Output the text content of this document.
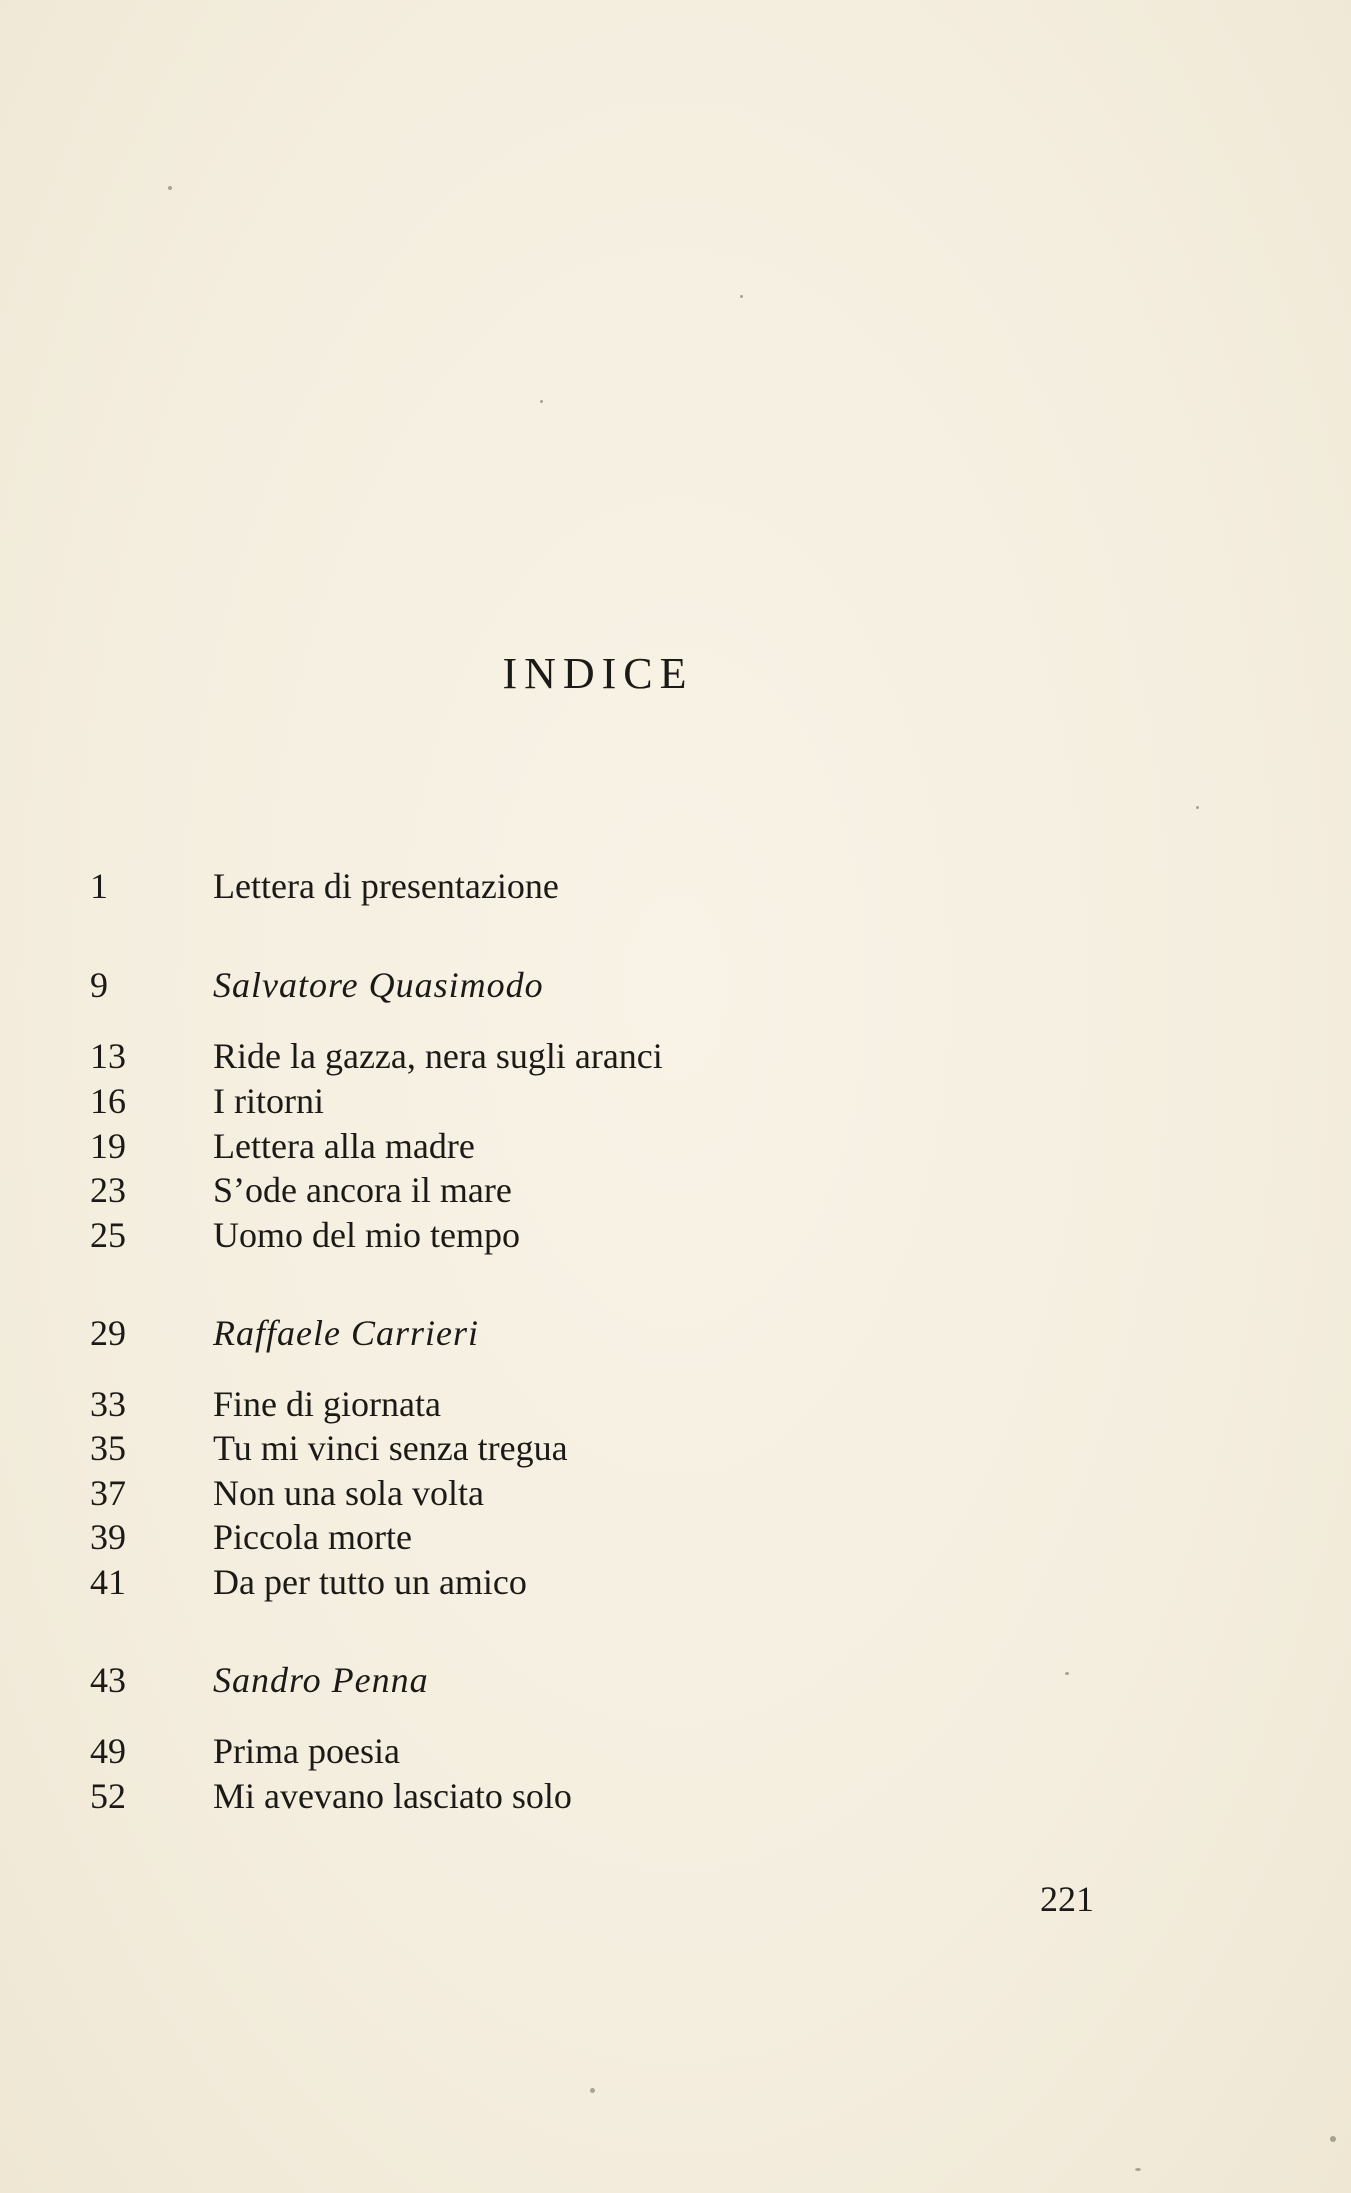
INDICE
1	Lettera di presentazione
9	Salvatore Quasimodo
13	Ride la gazza, nera sugli aranci
16	I ritorni
19	Lettera alla madre
23	S’ode ancora il mare
25	Uomo del mio tempo
29	Raffaele Carrieri
33	Fine di giornata
35	Tu mi vinci senza tregua
37	Non una sola volta
39	Piccola morte
41	Da per tutto un amico
43	Sandro Penna
49	Prima poesia
52	Mi avevano lasciato solo
221
